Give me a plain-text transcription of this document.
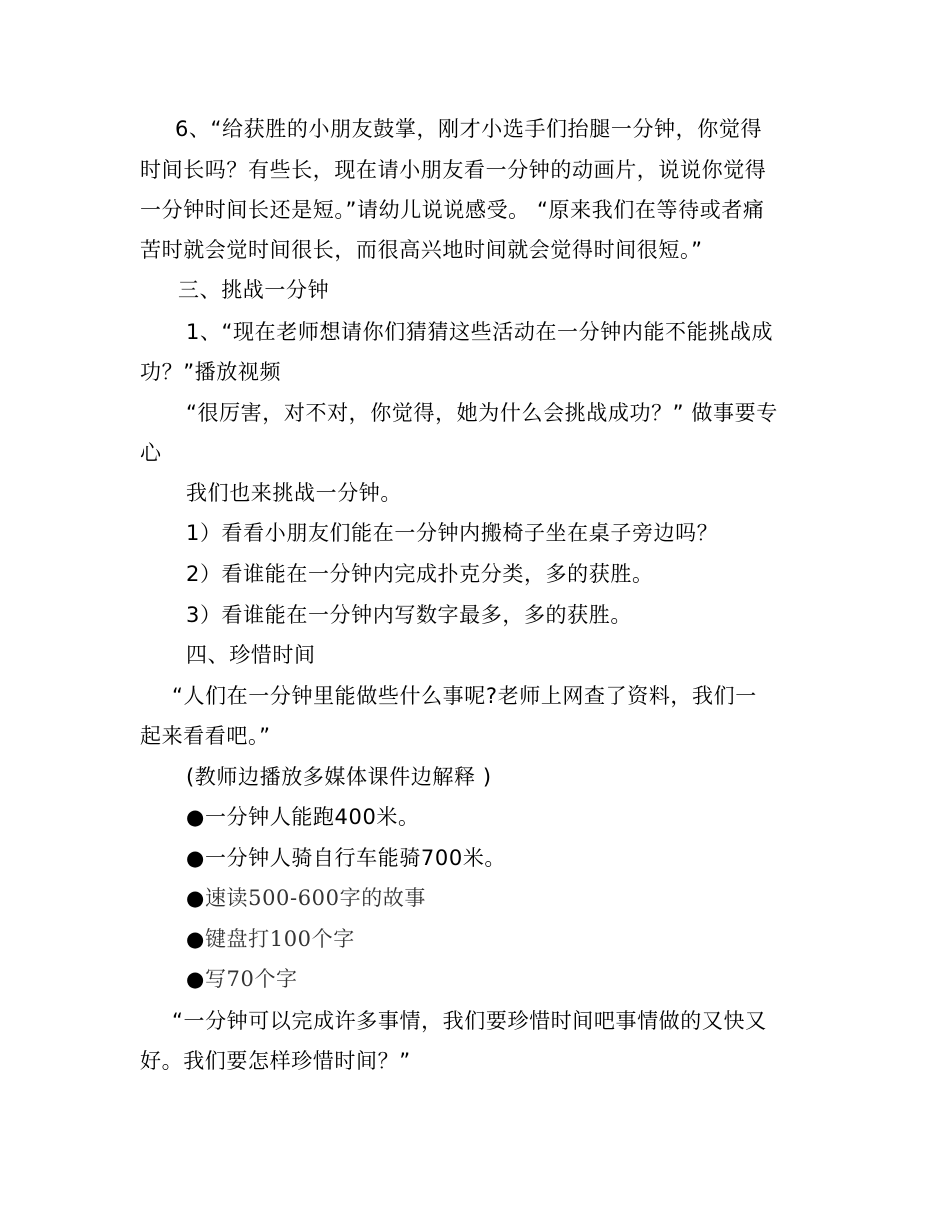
6、“给获胜的小朋友鼓掌，刚才小选手们抬腿一分钟，你觉得
时间长吗？有些长，现在请小朋友看一分钟的动画片，说说你觉得
一分钟时间长还是短。”请幼儿说说感受。 “原来我们在等待或者痛
苦时就会觉时间很长，而很高兴地时间就会觉得时间很短。”
三、挑战一分钟
1、“现在老师想请你们猜猜这些活动在一分钟内能不能挑战成
功？”播放视频
“很厉害，对不对，你觉得，她为什么会挑战成功？” 做事要专
心
我们也来挑战一分钟。
1）看看小朋友们能在一分钟内搬椅子坐在桌子旁边吗？
2）看谁能在一分钟内完成扑克分类，多的获胜。
3）看谁能在一分钟内写数字最多，多的获胜。
四、珍惜时间
“人们在一分钟里能做些什么事呢?老师上网查了资料，我们一
起来看看吧。”
(教师边播放多媒体课件边解释 )
●一分钟人能跑400米。
●一分钟人骑自行车能骑700米。
●速读500-600字的故事
●键盘打100个字
●写70个字
“一分钟可以完成许多事情，我们要珍惜时间吧事情做的又快又
好。我们要怎样珍惜时间？”
